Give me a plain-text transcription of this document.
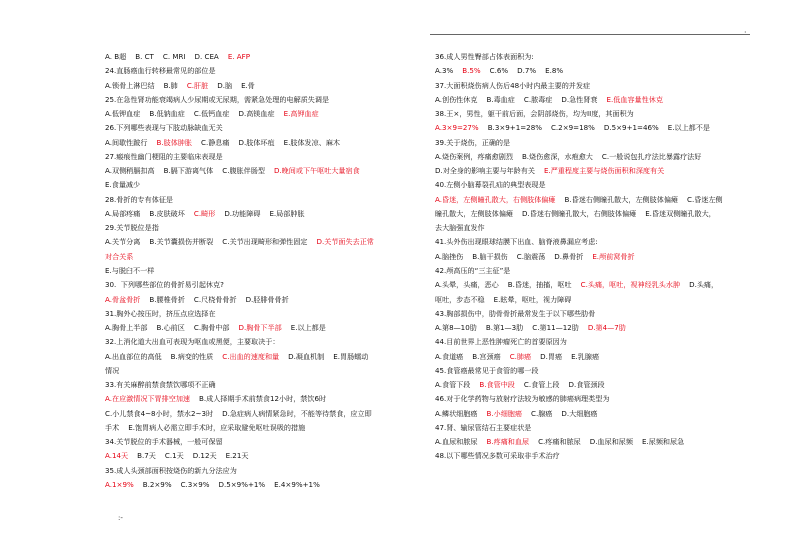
·
A. B超    B. CT    C. MRI    D. CEA    E. AFP
24.直肠癌血行转移最常见的部位是
A.锁骨上淋巴结    B.肺    C.肝脏    D.脑    E.骨
25.在急性肾功能衰竭病人少尿期或无尿期，需紧急处理的电解质失调是
A.低钾血症    B.低钠血症    C.低钙血症    D.高镁血症    E.高钾血症
26.下列哪些表现与下肢动脉缺血无关
A.间歇性跛行    B.肢体肿胀    C.静息痛    D.肢体坏疽    E.肢体发凉、麻木
27.瘢痕性幽门梗阻的主要临床表现是
A.双侧稍膈扣高    B.膈下游离气体    C.腹胀伴肠型    D.晚间或下午呕吐大量宿食
E.食量减少
28.骨折的专有体征是
A.局部疼痛    B.皮肤破坏    C.畸形    D.功能障碍    E.局部肿胀
29.关节脱位是指
A.关节分离    B.关节囊损伤并断裂    C.关节出现畸形和弹性固定    D.关节面失去正常
对合关系
E.与脱臼不一样
30.  下列哪些部位的骨折易引起休克?
A.骨盆骨折    B.腰椎骨折    C.尺桡骨骨折    D.胫腓骨骨折
31.胸外心按压时，挤压点应选择在
A.胸骨上半部    B.心前区    C.胸骨中部    D.胸骨下半部    E.以上都是
32.上消化道大出血可表现为呕血或黑便，主要取决于：
A.出血部位的高低    B.病变的性质    C.出血的速度和量    D.凝血机制    E.胃肠蠕动
情况
33.有关麻醉前禁食禁饮哪项不正确
A.在应激情况下胃排空加速    B.成人择期手术前禁食12小时，禁饮6时
C.小儿禁食4~8小时，禁水2~3时    D.急症病人病情紧急时，不能等待禁食，应立即
手术    E.饱胃病人必需立即手术时，应采取避免呕吐误吸的措施
34.关节脱位的手术器械，一般可保留
A.14天    B.7天    C.1天    D.12天    E.21天
35.成人头颈部面积按烧伤的新九分法应为
A.1×9%    B.2×9%    C.3×9%    D.5×9%+1%    E.4×9%+1%
36.成人男性臀部占体表面积为:
A.3%    B.5%    C.6%    D.7%    E.8%
37.大面积烧伤病人伤后48小时内最主要的并发症
A.创伤性休克    B.毒血症    C.脓毒症    D.急性肾衰    E.低血容量性休克
38.王×，男性，躯干前后面，会阴部烧伤，均为II度，其面积为
A.3×9=27%    B.3×9+1=28%    C.2×9=18%    D.5×9+1=46%    E.以上都不是
39.关于烧伤，正确的是
A.烧伤案例，疼痛愈剧烈    B.烧伤愈深，水疱愈大    C.一般说包扎疗法比暴露疗法好
D.对全身的影响主要与年龄有关    E.严重程度主要与烧伤面积和深度有关
40.左侧小脑幕裂孔疝的典型表现是
A.昏迷，左侧瞳孔散大，右侧肢体偏瘫    B.昏迷右侧瞳孔散大，左侧肢体偏瘫    C.昏迷左侧
瞳孔散大，左侧肢体偏瘫    D.昏迷右侧瞳孔散大，右侧肢体偏瘫    E.昏迷双侧瞳孔散大，
去大脑强直发作
41.头外伤出现眼球结膜下出血、脑脊液鼻漏应考虑:
A.脑挫伤    B.脑干损伤    C.脑震荡    D.鼻骨折    E.颅前窝骨折
42.颅高压的“三主征”是
A.头晕，头痛，恶心    B.昏迷，抽搐，呕吐    C.头痛，呕吐，视神经乳头水肿    D.头痛，
呕吐，步态不稳    E.眩晕，呕吐，视力障碍
43.胸部损伤中，肋骨骨折最常发生于以下哪些肋骨
A.第8—10肋    B.第1—3肋    C.第11—12肋    D.第4—7肋
44.目前世界上恶性肿瘤死亡的首要原因为
A.食道癌    B.宫颈癌    C.肺癌    D.胃癌    E.乳腺癌
45.食管癌最常见于食管的哪一段
A.食管下段    B.食管中段    C.食管上段    D.食管颈段
46.对于化学药物与放射疗法较为敏感的肺癌病理类型为
A.鳞状细胞癌    B.小细胞癌    C.腺癌    D.大细胞癌
47.肾、输尿管结石主要症状是
A.血尿和脓尿    B.疼痛和血尿    C.疼痛和脓尿    D.血尿和尿频    E.尿频和尿急
48.以下哪些情况多数可采取非手术治疗
:-
